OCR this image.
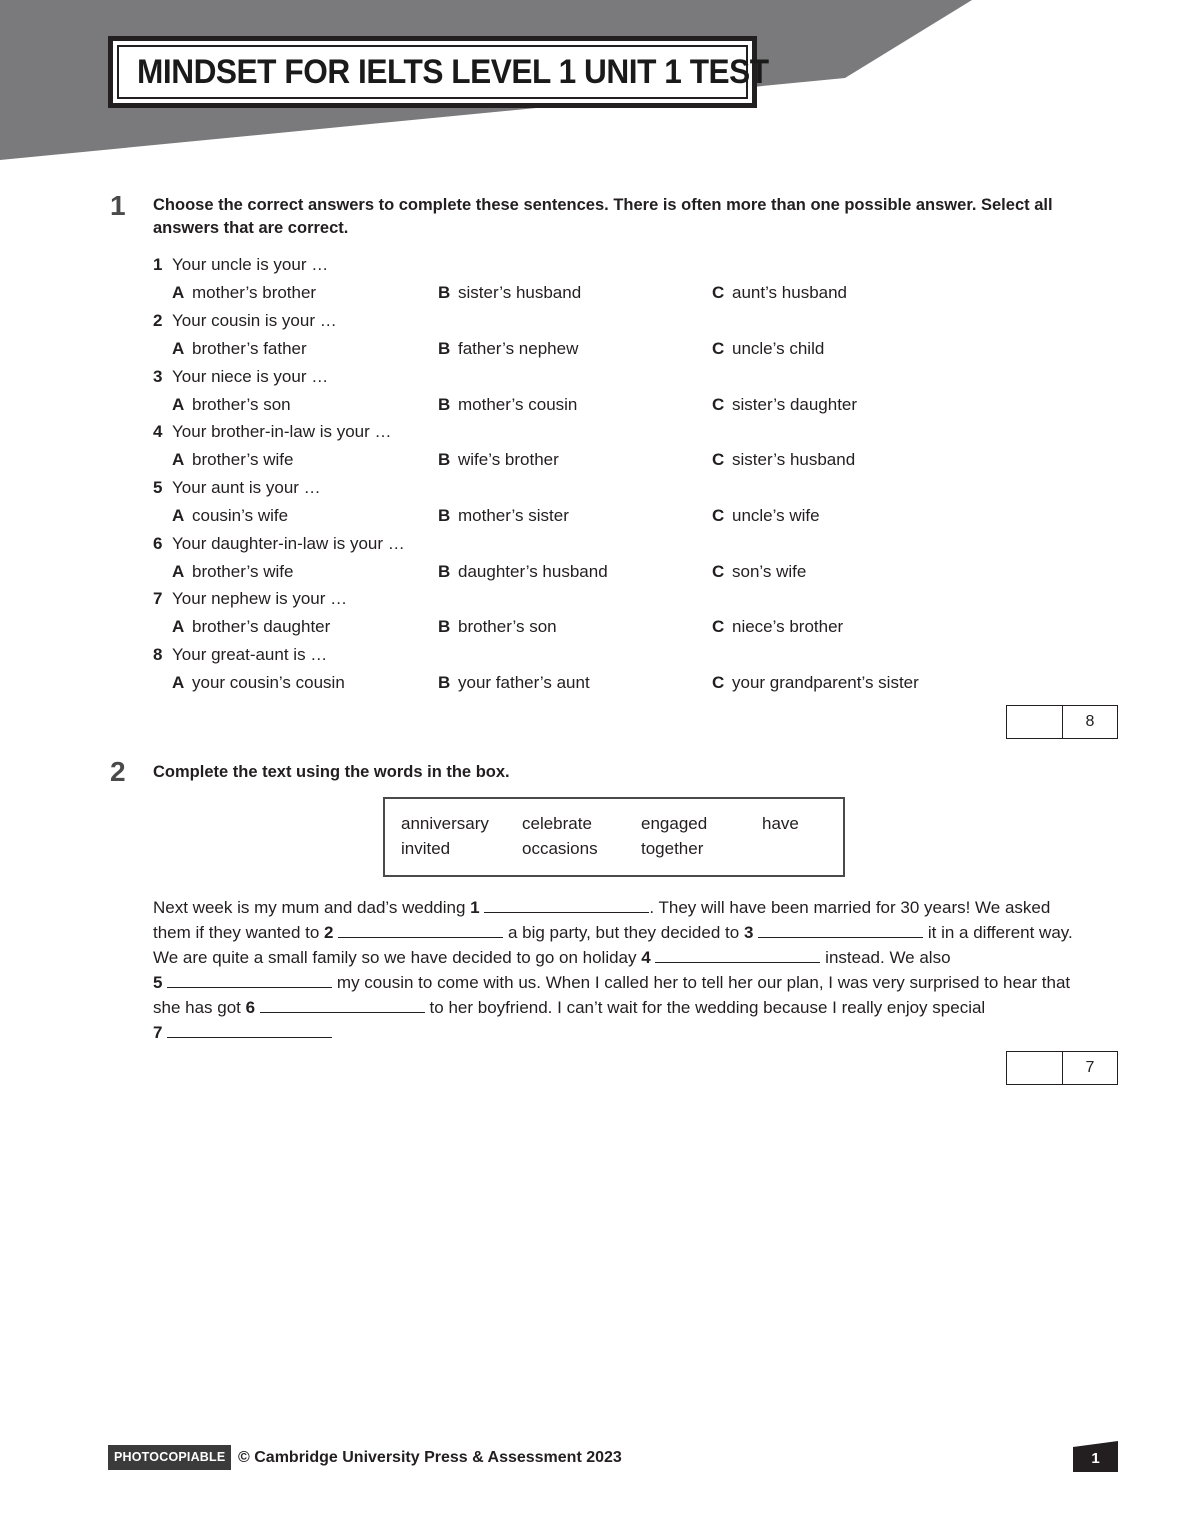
MINDSET FOR IELTS LEVEL 1 UNIT 1 TEST
1 Choose the correct answers to complete these sentences. There is often more than one possible answer. Select all
answers that are correct.
1 Your uncle is your …
A mother’s brother	B sister’s husband	C aunt’s husband
2 Your cousin is your …
A brother’s father	B father’s nephew	C uncle’s child
3 Your niece is your …
A brother’s son	B mother’s cousin	C sister’s daughter
4 Your brother-in-law is your …
A brother’s wife	B wife’s brother	C sister’s husband
5 Your aunt is your …
A cousin’s wife	B mother’s sister	C uncle’s wife
6 Your daughter-in-law is your …
A brother’s wife	B daughter’s husband	C son’s wife
7 Your nephew is your …
A brother’s daughter	B brother’s son	C niece’s brother
8 Your great-aunt is …
A your cousin’s cousin	B your father’s aunt	C your grandparent’s sister
8
2 Complete the text using the words in the box.
anniversary celebrate	engaged	have
invited	occasions	together
Next week is my mum and dad’s wedding 1	. They will have been married for 30 years! We asked
them if they wanted to 2	a big party, but they decided to 3	it in a different way.
We are quite a small family so we have decided to go on holiday 4	instead. We also
5	my cousin to come with us. When I called her to tell her our plan, I was very surprised to hear that
she has got 6	to her boyfriend. I can’t wait for the wedding because I really enjoy special
7
7
PHOTOCOPIABLE © Cambridge University Press & Assessment 2023	1
